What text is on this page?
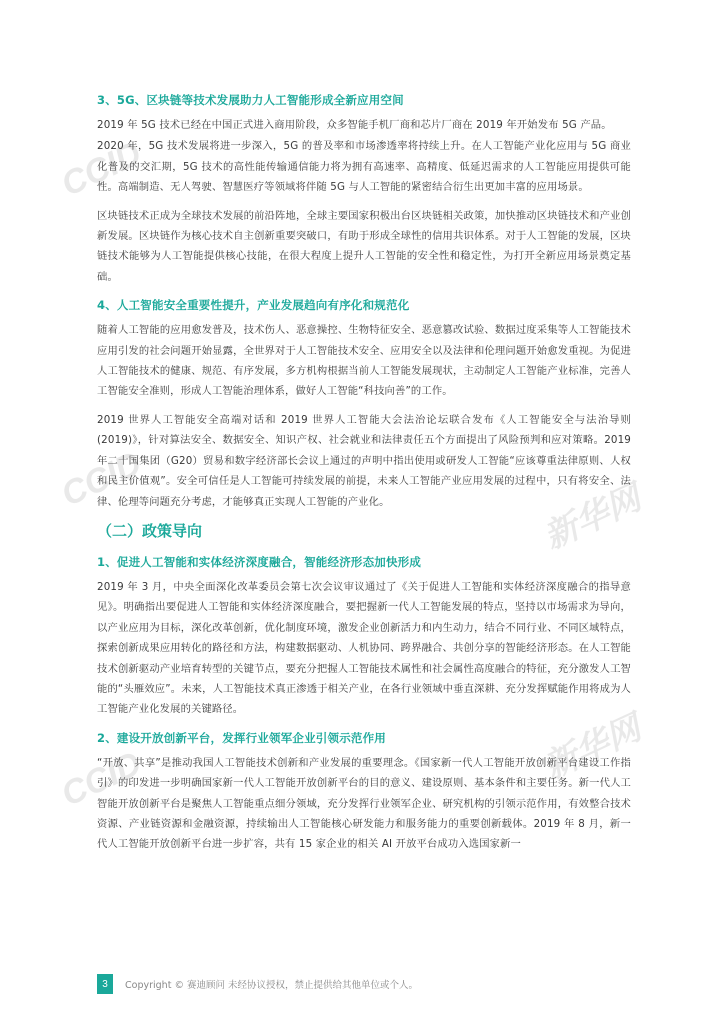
CCID
CCID
CCID
新华网
新华网
3、5G、区块链等技术发展助力人工智能形成全新应用空间

2019 年 5G 技术已经在中国正式进入商用阶段，众多智能手机厂商和芯片厂商在 2019 年开始发布 5G 产品。

2020 年，5G 技术发展将进一步深入，5G 的普及率和市场渗透率将持续上升。在人工智能产业化应用与 5G 商业化普及的交汇期，5G 技术的高性能传输通信能力将为拥有高速率、高精度、低延迟需求的人工智能应用提供可能性。高端制造、无人驾驶、智慧医疗等领域将伴随 5G 与人工智能的紧密结合衍生出更加丰富的应用场景。

区块链技术正成为全球技术发展的前沿阵地，全球主要国家积极出台区块链相关政策，加快推动区块链技术和产业创新发展。区块链作为核心技术自主创新重要突破口，有助于形成全球性的信用共识体系。对于人工智能的发展，区块链技术能够为人工智能提供核心技能，在很大程度上提升人工智能的安全性和稳定性，为打开全新应用场景奠定基础。

4、人工智能安全重要性提升，产业发展趋向有序化和规范化

随着人工智能的应用愈发普及，技术伤人、恶意操控、生物特征安全、恶意篡改试验、数据过度采集等人工智能技术应用引发的社会问题开始显露，全世界对于人工智能技术安全、应用安全以及法律和伦理问题开始愈发重视。为促进人工智能技术的健康、规范、有序发展，多方机构根据当前人工智能发展现状，主动制定人工智能产业标准，完善人工智能安全准则，形成人工智能治理体系，做好人工智能“科技向善”的工作。

2019 世界人工智能安全高端对话和 2019 世界人工智能大会法治论坛联合发布《人工智能安全与法治导则(2019)》，针对算法安全、数据安全、知识产权、社会就业和法律责任五个方面提出了风险预判和应对策略。2019 年二十国集团（G20）贸易和数字经济部长会议上通过的声明中指出使用或研发人工智能“应该尊重法律原则、人权和民主价值观”。安全可信任是人工智能可持续发展的前提，未来人工智能产业应用发展的过程中，只有将安全、法律、伦理等问题充分考虑，才能够真正实现人工智能的产业化。

（二）政策导向
1、促进人工智能和实体经济深度融合，智能经济形态加快形成

2019 年 3 月，中央全面深化改革委员会第七次会议审议通过了《关于促进人工智能和实体经济深度融合的指导意见》。明确指出要促进人工智能和实体经济深度融合，要把握新一代人工智能发展的特点，坚持以市场需求为导向，以产业应用为目标，深化改革创新，优化制度环境，激发企业创新活力和内生动力，结合不同行业、不同区域特点，探索创新成果应用转化的路径和方法，构建数据驱动、人机协同、跨界融合、共创分享的智能经济形态。在人工智能技术创新驱动产业培育转型的关键节点，要充分把握人工智能技术属性和社会属性高度融合的特征，充分激发人工智能的“头雁效应”。未来，人工智能技术真正渗透于相关产业，在各行业领域中垂直深耕、充分发挥赋能作用将成为人工智能产业化发展的关键路径。

2、建设开放创新平台，发挥行业领军企业引领示范作用

“开放、共享”是推动我国人工智能技术创新和产业发展的重要理念。《国家新一代人工智能开放创新平台建设工作指引》的印发进一步明确国家新一代人工智能开放创新平台的目的意义、建设原则、基本条件和主要任务。新一代人工智能开放创新平台是聚焦人工智能重点细分领域，充分发挥行业领军企业、研究机构的引领示范作用，有效整合技术资源、产业链资源和金融资源，持续输出人工智能核心研发能力和服务能力的重要创新载体。2019 年 8 月，新一代人工智能开放创新平台进一步扩容，共有 15 家企业的相关 AI 开放平台成功入选国家新一

3	Copyright © 赛迪顾问 未经协议授权，禁止提供给其他单位或个人。
